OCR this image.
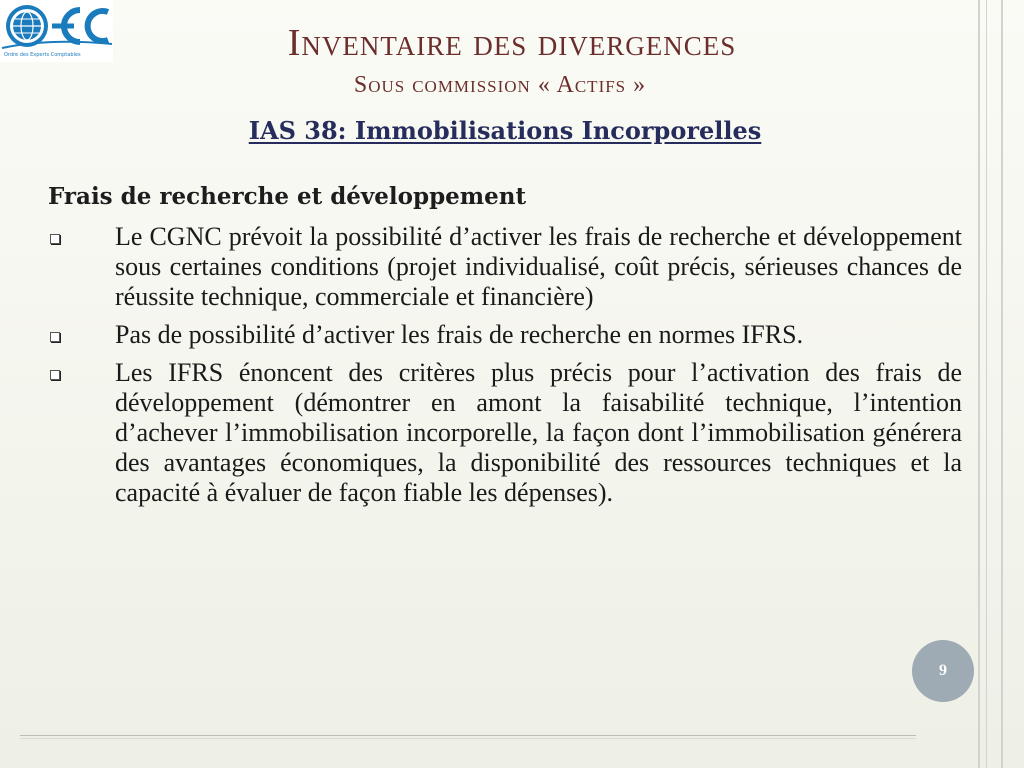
Ordre des Experts Comptables	Inventaire des divergences
Sous commission « Actifs »
IAS 38: Immobilisations Incorporelles
Frais de recherche et développement
Le CGNC prévoit la possibilité d’activer les frais de recherche et développement sous certaines conditions (projet individualisé, coût précis, sérieuses chances de réussite technique, commerciale et financière)
Pas de possibilité d’activer les frais de recherche en normes IFRS.
Les IFRS énoncent des critères plus précis pour l’activation des frais de développement (démontrer en amont la faisabilité technique, l’intention d’achever l’immobilisation incorporelle, la façon dont l’immobilisation générera des avantages économiques, la disponibilité des ressources techniques et la capacité à évaluer de façon fiable les dépenses).
9
